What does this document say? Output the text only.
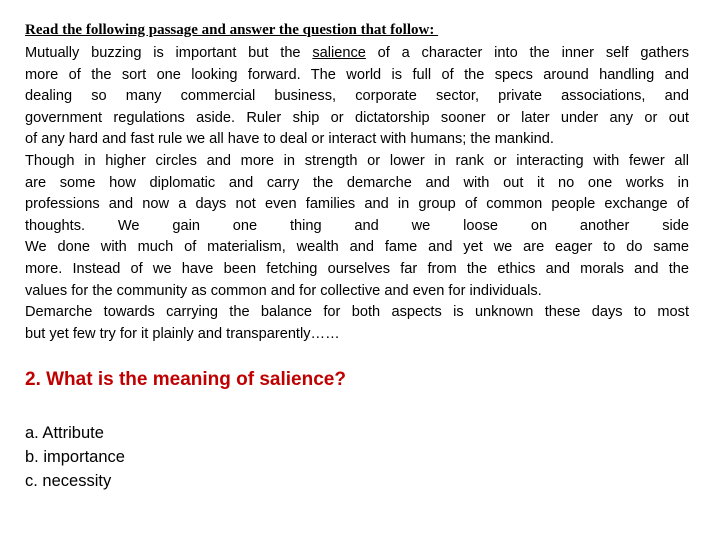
Read the following passage and answer the question that follow:
Mutually buzzing is important but the salience of a character into the inner self gathers
more of the sort one looking forward. The world is full of the specs around handling and
dealing so many commercial business, corporate sector, private associations, and
government regulations aside. Ruler ship or dictatorship sooner or later under any or out
of any hard and fast rule we all have to deal or interact with humans; the mankind.
Though in higher circles and more in strength or lower in rank or interacting with fewer all
are some how diplomatic and carry the demarche and with out it no one works in
professions and now a days not even families and in group of common people exchange of
thoughts. We gain one thing and we loose on another side
We done with much of materialism, wealth and fame and yet we are eager to do same
more. Instead of we have been fetching ourselves far from the ethics and morals and the
values for the community as common and for collective and even for individuals.
Demarche towards carrying the balance for both aspects is unknown these days to most
but yet few try for it plainly and transparently……
2. What is the meaning of salience?
a. Attribute
b. importance
c. necessity
